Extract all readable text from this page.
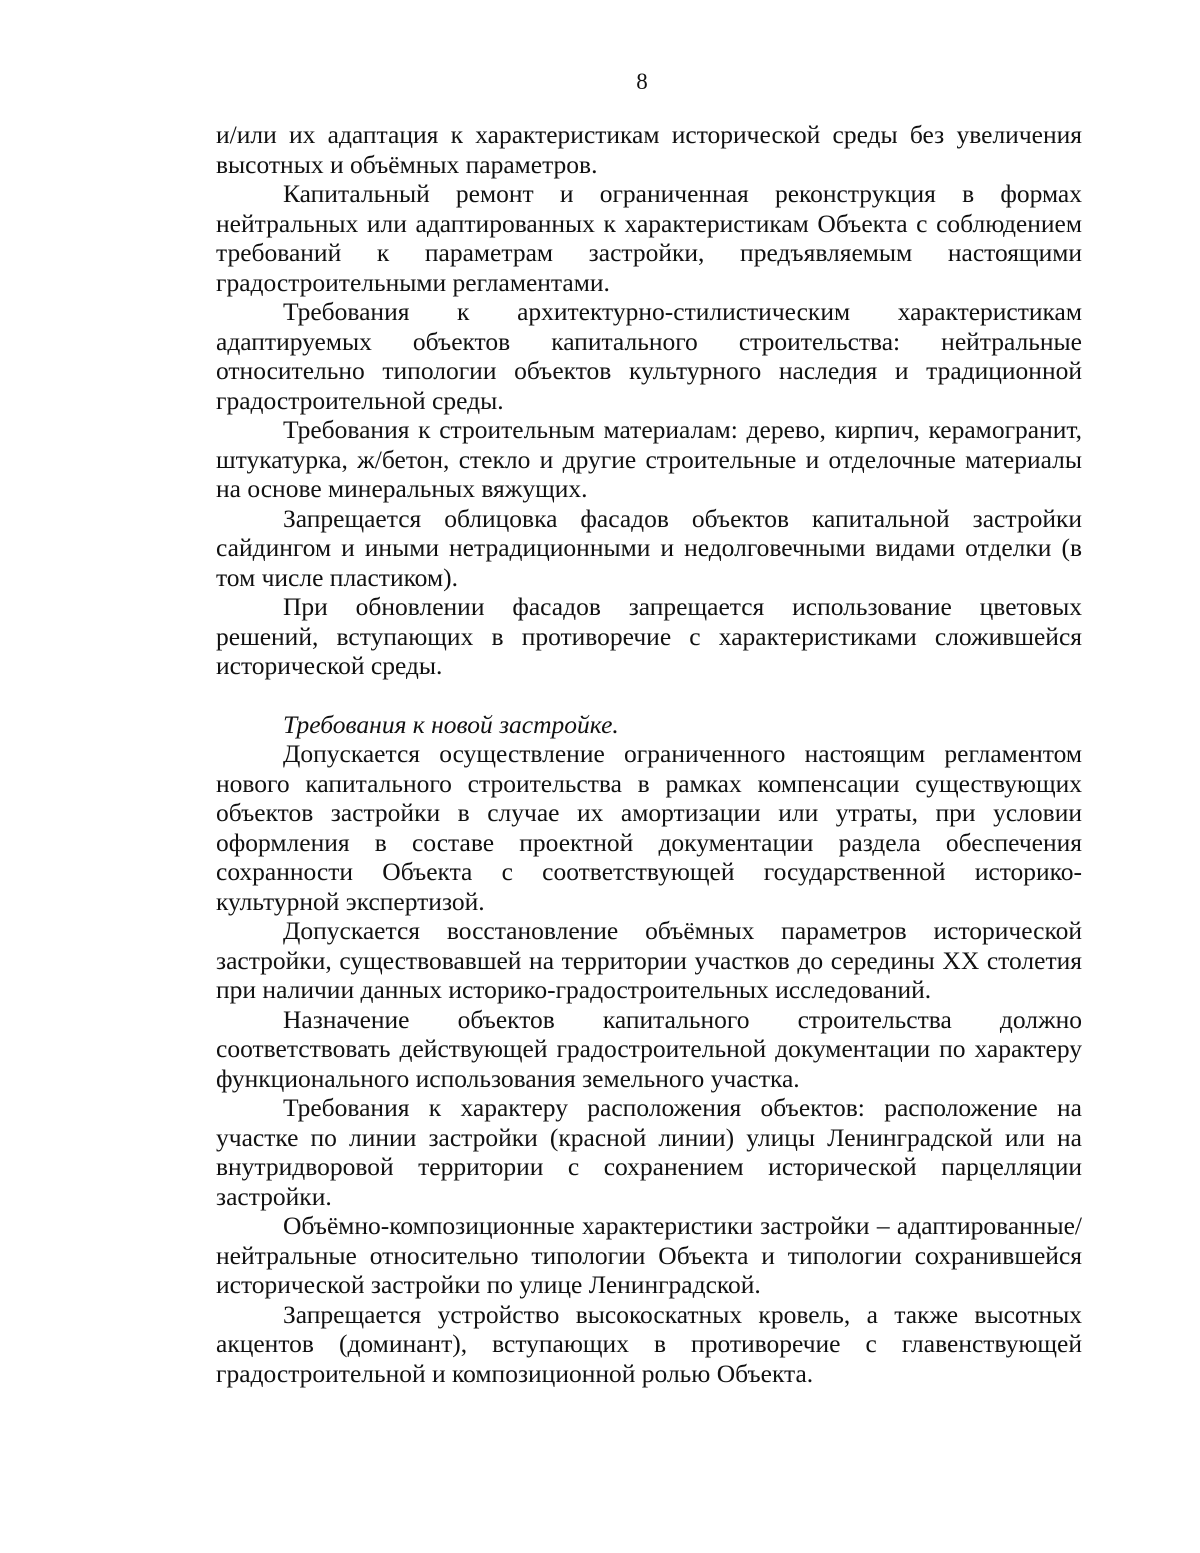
8

и/или их адаптация к характеристикам исторической среды без увеличения высотных и объёмных параметров.

Капитальный ремонт и ограниченная реконструкция в формах нейтральных или адаптированных к характеристикам Объекта с соблюдением требований к параметрам застройки, предъявляемым настоящими градостроительными регламентами.

Требования к архитектурно-стилистическим характеристикам адаптируемых объектов капитального строительства: нейтральные относительно типологии объектов культурного наследия и традиционной градостроительной среды.

Требования к строительным материалам: дерево, кирпич, керамогранит, штукатурка, ж/бетон, стекло и другие строительные и отделочные материалы на основе минеральных вяжущих.

Запрещается облицовка фасадов объектов капитальной застройки сайдингом и иными нетрадиционными и недолговечными видами отделки (в том числе пластиком).

При обновлении фасадов запрещается использование цветовых решений, вступающих в противоречие с характеристиками сложившейся исторической среды.

Требования к новой застройке.

Допускается осуществление ограниченного настоящим регламентом нового капитального строительства в рамках компенсации существующих объектов застройки в случае их амортизации или утраты, при условии оформления в составе проектной документации раздела обеспечения сохранности Объекта с соответствующей государственной историко-культурной экспертизой.

Допускается восстановление объёмных параметров исторической застройки, существовавшей на территории участков до середины XX столетия при наличии данных историко-градостроительных исследований.

Назначение объектов капитального строительства должно соответствовать действующей градостроительной документации по характеру функционального использования земельного участка.

Требования к характеру расположения объектов: расположение на участке по линии застройки (красной линии) улицы Ленинградской или на внутридворовой территории с сохранением исторической парцелляции застройки.

Объёмно-композиционные характеристики застройки – адаптированные/нейтральные относительно типологии Объекта и типологии сохранившейся исторической застройки по улице Ленинградской.

Запрещается устройство высокоскатных кровель, а также высотных акцентов (доминант), вступающих в противоречие с главенствующей градостроительной и композиционной ролью Объекта.
